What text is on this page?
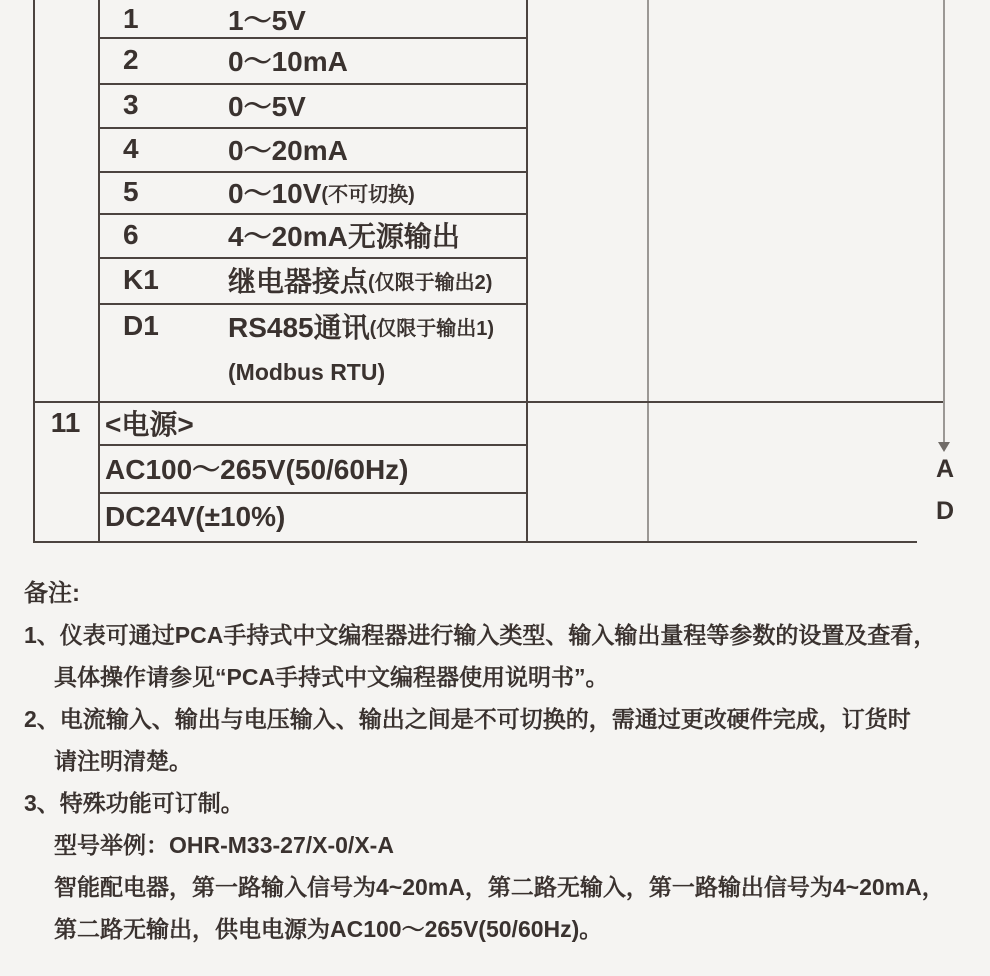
A
D
1	1～5V
2	0～10mA
3	0～5V
4	0～20mA
5	0～10V (不可切换)
6	4～20mA无源输出
K1	继电器接点 (仅限于输出2)
D1	RS485通讯 (仅限于输出1)
(Modbus RTU)
11 <电源>
AC100～265V(50/60Hz)
DC24V(±10%)
备注:
1、仪表可通过PCA手持式中文编程器进行输入类型、输入输出量程等参数的设置及查看，
具体操作请参见“PCA手持式中文编程器使用说明书”。
2、电流输入、输出与电压输入、输出之间是不可切换的，需通过更改硬件完成，订货时
请注明清楚。
3、特殊功能可订制。
型号举例：OHR-M33-27/X-0/X-A
智能配电器，第一路输入信号为4~20mA，第二路无输入，第一路输出信号为4~20mA，
第二路无输出，供电电源为AC100～265V(50/60Hz)。
